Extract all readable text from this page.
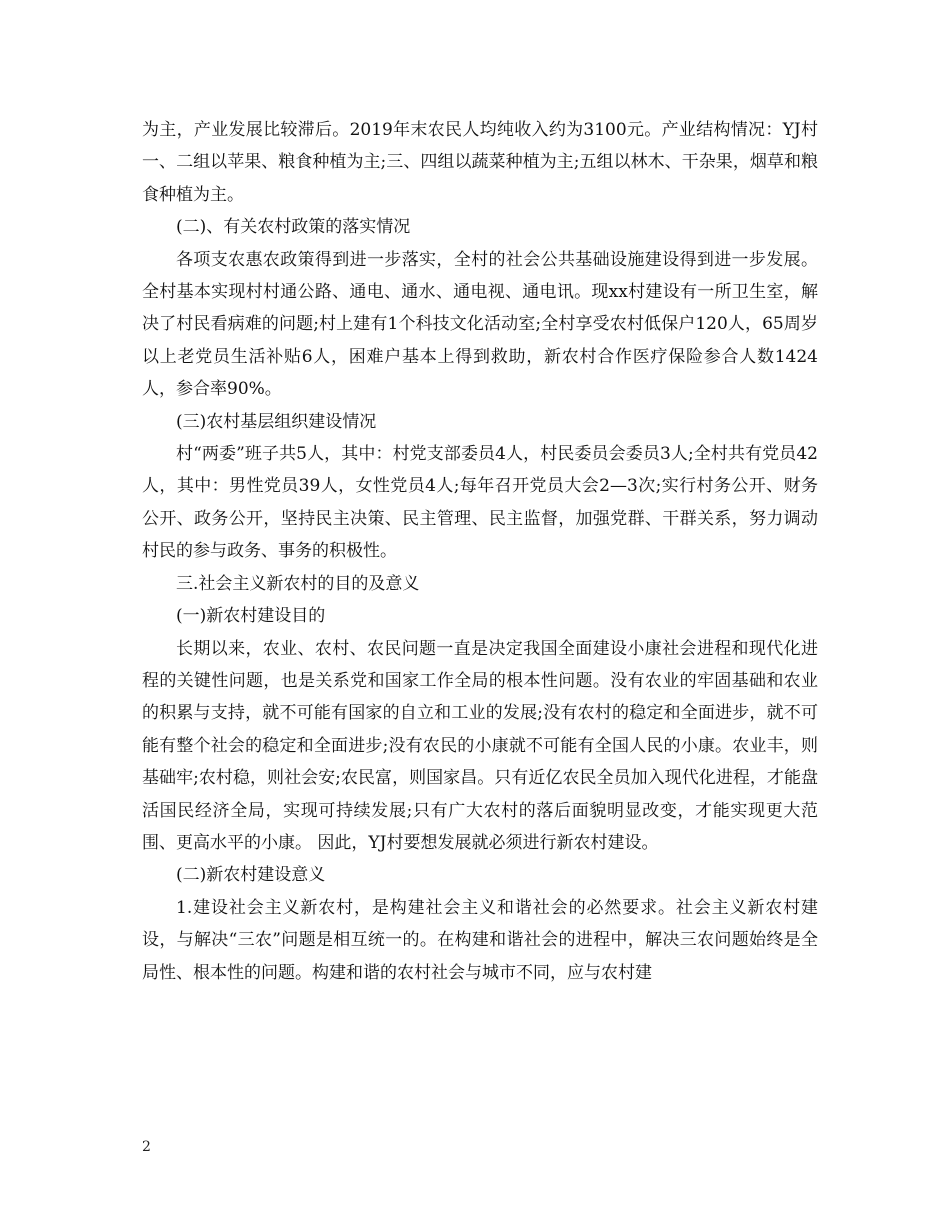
为主，产业发展比较滞后。2019年末农民人均纯收入约为3100元。产业结构情况：YJ村一、二组以苹果、粮食种植为主;三、四组以蔬菜种植为主;五组以林木、干杂果，烟草和粮食种植为主。

(二)、有关农村政策的落实情况

各项支农惠农政策得到进一步落实，全村的社会公共基础设施建设得到进一步发展。全村基本实现村村通公路、通电、通水、通电视、通电讯。现xx村建设有一所卫生室，解决了村民看病难的问题;村上建有1个科技文化活动室;全村享受农村低保户120人，65周岁以上老党员生活补贴6人，困难户基本上得到救助，新农村合作医疗保险参合人数1424人，参合率90%。

(三)农村基层组织建设情况

村“两委”班子共5人，其中：村党支部委员4人，村民委员会委员3人;全村共有党员42人，其中：男性党员39人，女性党员4人;每年召开党员大会2—3次;实行村务公开、财务公开、政务公开，坚持民主决策、民主管理、民主监督，加强党群、干群关系，努力调动村民的参与政务、事务的积极性。

三.社会主义新农村的目的及意义

(一)新农村建设目的

长期以来，农业、农村、农民问题一直是决定我国全面建设小康社会进程和现代化进程的关键性问题，也是关系党和国家工作全局的根本性问题。没有农业的牢固基础和农业的积累与支持，就不可能有国家的自立和工业的发展;没有农村的稳定和全面进步，就不可能有整个社会的稳定和全面进步;没有农民的小康就不可能有全国人民的小康。农业丰，则基础牢;农村稳，则社会安;农民富，则国家昌。只有近亿农民全员加入现代化进程，才能盘活国民经济全局，实现可持续发展;只有广大农村的落后面貌明显改变，才能实现更大范围、更高水平的小康。 因此，YJ村要想发展就必须进行新农村建设。

(二)新农村建设意义

1.建设社会主义新农村，是构建社会主义和谐社会的必然要求。社会主义新农村建设，与解决“三农”问题是相互统一的。在构建和谐社会的进程中，解决三农问题始终是全局性、根本性的问题。构建和谐的农村社会与城市不同，应与农村建

2
